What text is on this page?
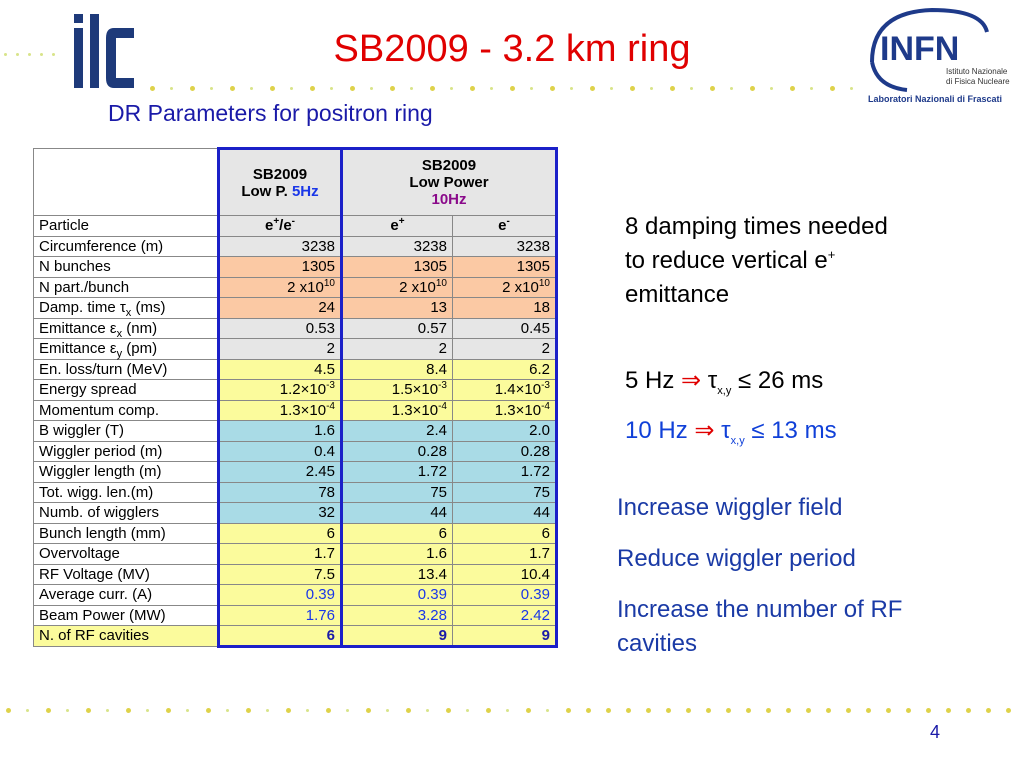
ilc
INFN
Istituto Nazionale
di Fisica Nucleare
Laboratori Nazionali di Frascati
SB2009 - 3.2 km ring
DR Parameters for positron ring
	SB2009
Low P. 5Hz	SB2009
Low Power
10Hz	
Particle	e+/e-	e+	e-
Circumference (m)	3238	3238	3238
N bunches	1305	1305	1305
N part./bunch	2 $x10^{10}$	2 $x10^{10}$	2 $x10^{10}$
Damp. time $\tau_x$ (ms)	24	13	18
Emittance $\varepsilon_x$ (nm)	0.53	0.57	0.45
Emittance $\varepsilon_y$ (pm)	2	2	2
En. loss/turn (MeV)	4.5	8.4	6.2
Energy spread	$1.2\times 10^{-3}$	$1.5\times 10^{-3}$	$1.4\times 10^{-3}$
Momentum comp.	$1.3\times 10^{-4}$	$1.3\times 10^{-4}$	$1.3\times 10^{-4}$
B wiggler (T)	1.6	2.4	2.0
Wiggler period (m)	0.4	0.28	0.28
Wiggler length (m)	2.45	1.72	1.72
Tot. wigg. len.(m)	78	75	75
Numb. of wigglers	32	44	44
Bunch length (mm)	6	6	6
Overvoltage	1.7	1.6	1.7
RF Voltage (MV)	7.5	13.4	10.4
Average curr. (A)	0.39	0.39	0.39
Beam Power (MW)	1.76	3.28	2.42
N. of RF cavities	6	9	9
8 damping times needed
to reduce vertical e+
emittance
5 Hz ⇒ $\tau_{x,y} \le 26$ ms
10 Hz ⇒ $\tau_{x,y} \le 13$ ms
Increase wiggler field
Reduce wiggler period
Increase the number of RF
cavities
4
